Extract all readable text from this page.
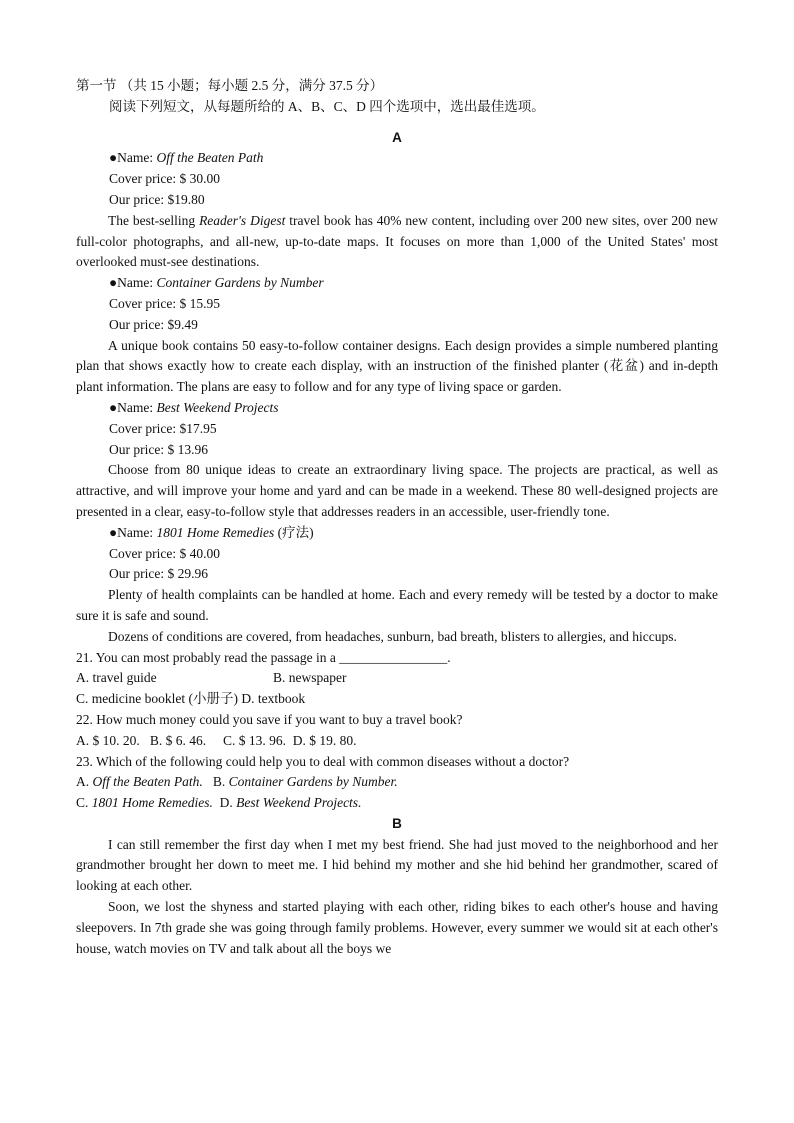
第一节 （共 15 小题；每小题 2.5 分，满分 37.5 分）
阅读下列短文，从每题所给的 A、B、C、D 四个选项中，选出最佳选项。
A
●Name: Off the Beaten Path
Cover price: $ 30.00
Our price: $19.80

The best-selling Reader's Digest travel book has 40% new content, including over 200 new sites, over 200 new full-color photographs, and all-new, up-to-date maps. It focuses on more than 1,000 of the United States' most overlooked must-see destinations.

●Name: Container Gardens by Number
Cover price: $ 15.95
Our price: $9.49

A unique book contains 50 easy-to-follow container designs. Each design provides a simple numbered planting plan that shows exactly how to create each display, with an instruction of the finished planter (花盆) and in-depth plant information. The plans are easy to follow and for any type of living space or garden.

●Name: Best Weekend Projects
Cover price: $17.95
Our price: $ 13.96

Choose from 80 unique ideas to create an extraordinary living space. The projects are practical, as well as attractive, and will improve your home and yard and can be made in a weekend. These 80 well-designed projects are presented in a clear, easy-to-follow style that addresses readers in an accessible, user-friendly tone.

●Name: 1801 Home Remedies (疗法)
Cover price: $ 40.00
Our price: $ 29.96

Plenty of health complaints can be handled at home. Each and every remedy will be tested by a doctor to make sure it is safe and sound.

Dozens of conditions are covered, from headaches, sunburn, bad breath, blisters to allergies, and hiccups.

21. You can most probably read the passage in a ________________.
A. travel guide	B. newspaper
C. medicine booklet (小册子) D. textbook
22. How much money could you save if you want to buy a travel book?
A. $ 10. 20.   B. $ 6. 46.     C. $ 13. 96.  D. $ 19. 80.
23. Which of the following could help you to deal with common diseases without a doctor?
A. Off the Beaten Path. B. Container Gardens by Number.
C. 1801 Home Remedies. D. Best Weekend Projects.
B

I can still remember the first day when I met my best friend. She had just moved to the neighborhood and her grandmother brought her down to meet me. I hid behind my mother and she hid behind her grandmother, scared of looking at each other.

Soon, we lost the shyness and started playing with each other, riding bikes to each other's house and having sleepovers. In 7th grade she was going through family problems. However, every summer we would sit at each other's house, watch movies on TV and talk about all the boys we
